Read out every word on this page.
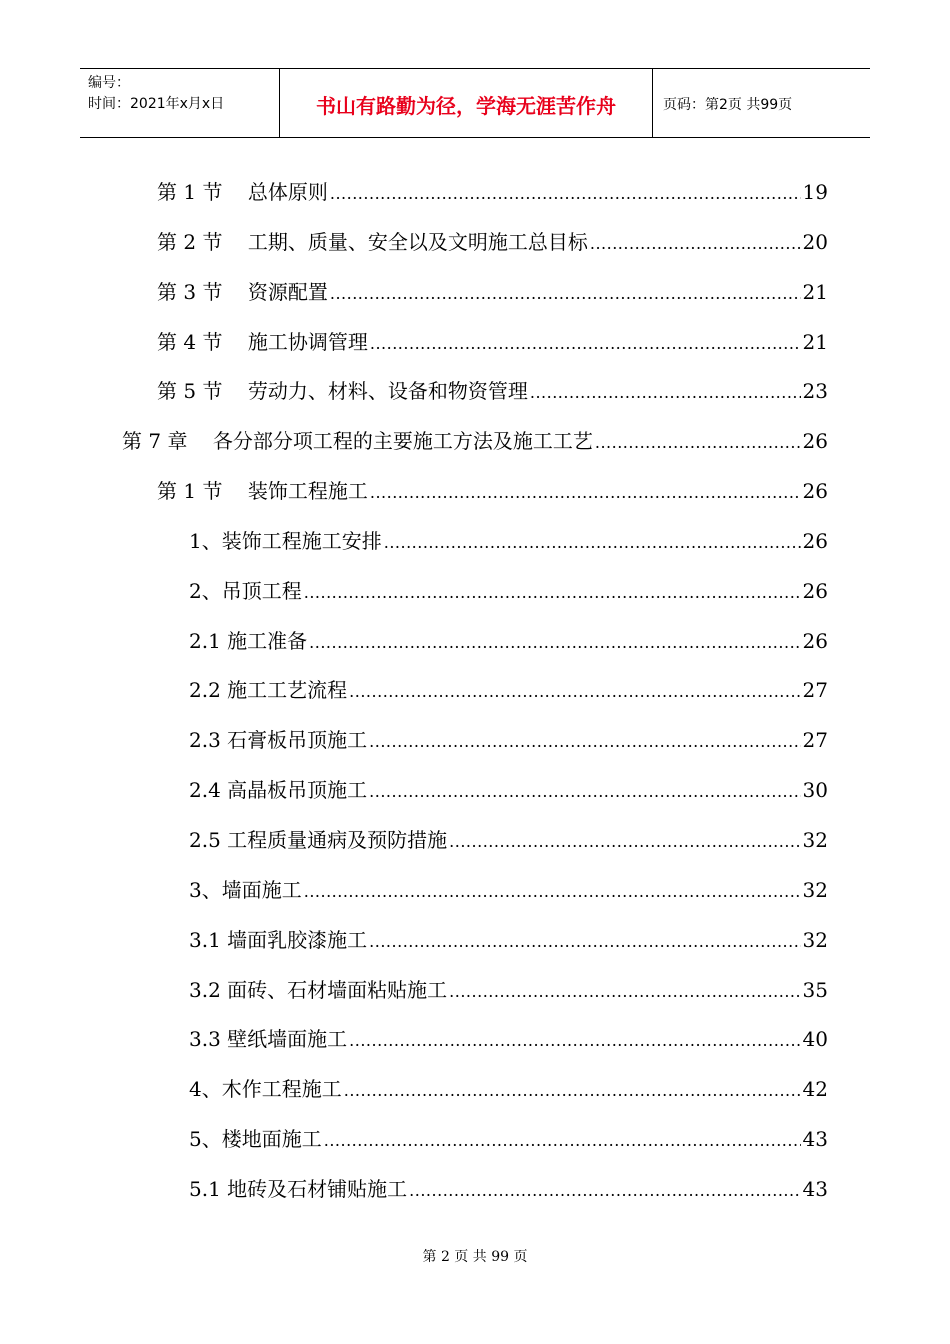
编号：
时间：2021年x月x日	书山有路勤为径，学海无涯苦作舟	页码：第2页 共99页
第 1 节    总体原则 .....	19
第 2 节    工期、质量、安全以及文明施工总目标 .....	20
第 3 节    资源配置 .....	21
第 4 节    施工协调管理 .....	21
第 5 节    劳动力、材料、设备和物资管理 .....	23
第 7 章    各分部分项工程的主要施工方法及施工工艺 .....	26
第 1 节    装饰工程施工 .....	26
1、装饰工程施工安排 .....	26
2、吊顶工程 .....	26
2.1 施工准备 .....	26
2.2 施工工艺流程 .....	27
2.3 石膏板吊顶施工 .....	27
2.4 高晶板吊顶施工 .....	30
2.5 工程质量通病及预防措施 .....	32
3、墙面施工 .....	32
3.1 墙面乳胶漆施工 .....	32
3.2 面砖、石材墙面粘贴施工 .....	35
3.3 壁纸墙面施工 .....	40
4、木作工程施工 .....	42
5、楼地面施工 .....	43
5.1 地砖及石材铺贴施工 .....	43
第 2 页 共 99 页
